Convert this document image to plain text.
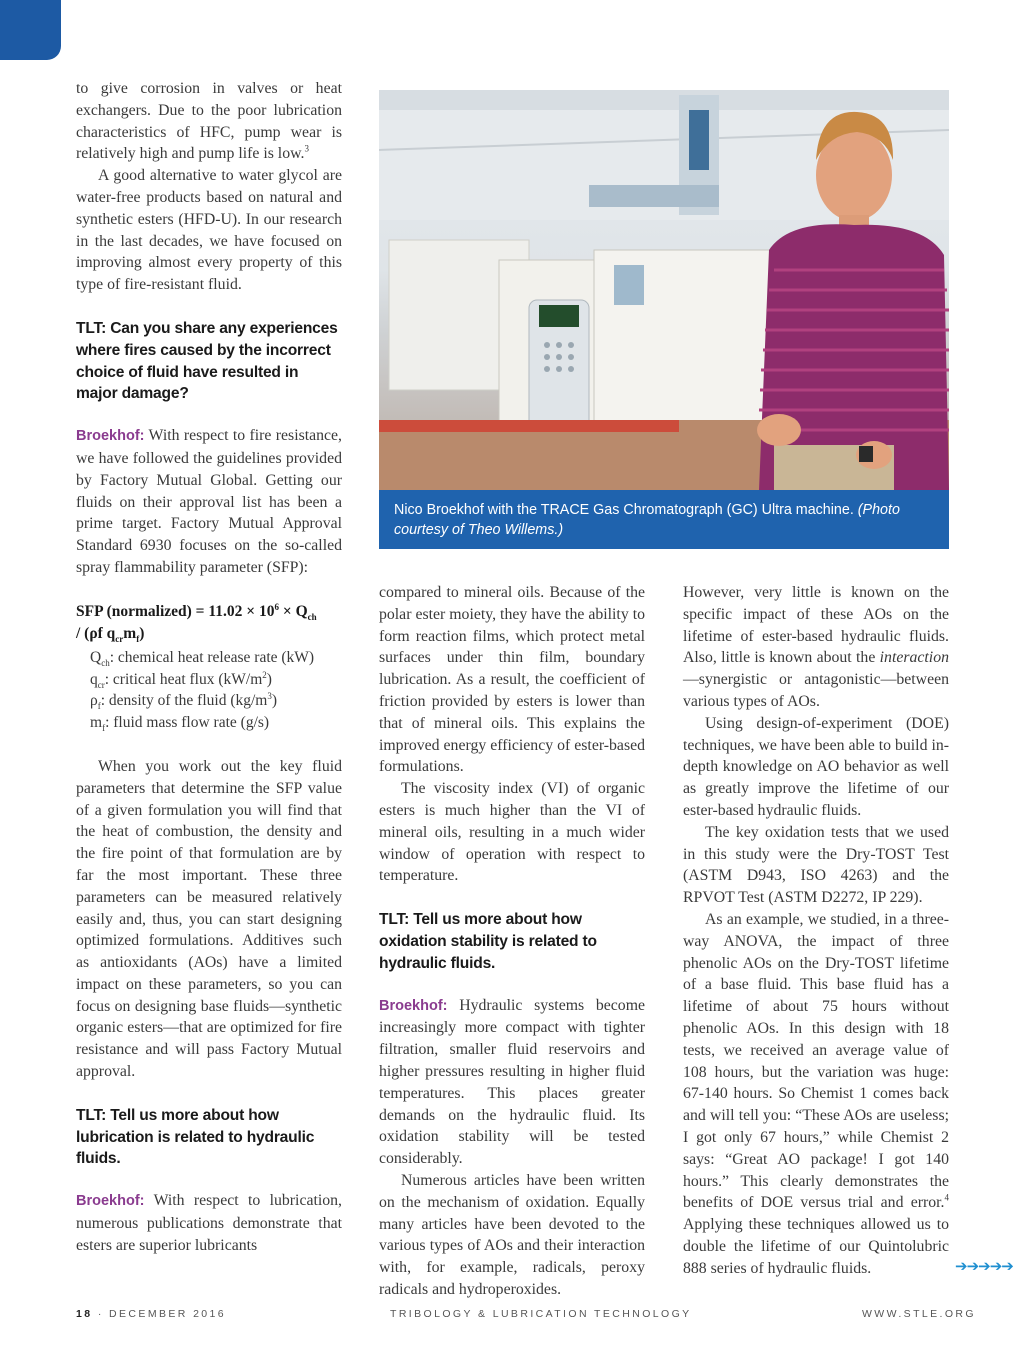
to give corrosion in valves or heat exchangers. Due to the poor lubrication characteristics of HFC, pump wear is relatively high and pump life is low.$^3$

A good alternative to water glycol are water-free products based on natural and synthetic esters (HFD-U). In our research in the last decades, we have focused on improving almost every property of this type of fire-resistant fluid.

TLT: Can you share any experiences where fires caused by the incorrect choice of fluid have resulted in major damage?

Broekhof: With respect to fire resistance, we have followed the guidelines provided by Factory Mutual Global. Getting our fluids on their approval list has been a prime target. Factory Mutual Approval Standard 6930 focuses on the so-called spray flammability parameter (SFP):

SFP (normalized) = $11.02 \times 10^6 \times Q_{ch}$

/ (ρf $q_{cr}m_f$)

$Q_{ch}$: chemical heat release rate (kW)
$q_{cr}$: critical heat flux $(kW/m^2)$
$\rho_f$: density of the fluid $(kg/m^3)$
$m_f$: fluid mass flow rate (g/s)

When you work out the key fluid parameters that determine the SFP value of a given formulation you will find that the heat of combustion, the density and the fire point of that formulation are by far the most important. These three parameters can be measured relatively easily and, thus, you can start designing optimized formulations. Additives such as antioxidants (AOs) have a limited impact on these parameters, so you can focus on designing base fluids—synthetic organic esters—that are optimized for fire resistance and will pass Factory Mutual approval.

TLT: Tell us more about how lubrication is related to hydraulic fluids.

Broekhof: With respect to lubrication, numerous publications demonstrate that esters are superior lubricants

Nico Broekhof with the TRACE Gas Chromatograph (GC) Ultra machine. (Photo courtesy of Theo Willems.)

compared to mineral oils. Because of the polar ester moiety, they have the ability to form reaction films, which protect metal surfaces under thin film, boundary lubrication. As a result, the coefficient of friction provided by esters is lower than that of mineral oils. This explains the improved energy efficiency of ester-based formulations.

The viscosity index (VI) of organic esters is much higher than the VI of mineral oils, resulting in a much wider window of operation with respect to temperature.

TLT: Tell us more about how oxidation stability is related to hydraulic fluids.

Broekhof: Hydraulic systems become increasingly more compact with tighter filtration, smaller fluid reservoirs and higher pressures resulting in higher fluid temperatures. This places greater demands on the hydraulic fluid. Its oxidation stability will be tested considerably.

Numerous articles have been written on the mechanism of oxidation. Equally many articles have been devoted to the various types of AOs and their interaction with, for example, radicals, peroxy radicals and hydroperoxides.

However, very little is known on the specific impact of these AOs on the lifetime of ester-based hydraulic fluids. Also, little is known about the interaction—synergistic or antagonistic—between various types of AOs.

Using design-of-experiment (DOE) techniques, we have been able to build in-depth knowledge on AO behavior as well as greatly improve the lifetime of our ester-based hydraulic fluids.

The key oxidation tests that we used in this study were the Dry-TOST Test (ASTM D943, ISO 4263) and the RPVOT Test (ASTM D2272, IP 229).

As an example, we studied, in a three-way ANOVA, the impact of three phenolic AOs on the Dry-TOST lifetime of a base fluid. This base fluid has a lifetime of about 75 hours without phenolic AOs. In this design with 18 tests, we received an average value of 108 hours, but the variation was huge: 67-140 hours. So Chemist 1 comes back and will tell you: “These AOs are useless; I got only 67 hours,” while Chemist 2 says: “Great AO package! I got 140 hours.” This clearly demonstrates the benefits of DOE versus trial and error.$^4$ Applying these techniques allowed us to double the lifetime of our Quintolubric 888 series of hydraulic fluids.	➔➔➔➔➔
18 · DECEMBER 2016	TRIBOLOGY & LUBRICATION TECHNOLOGY	WWW.STLE.ORG
